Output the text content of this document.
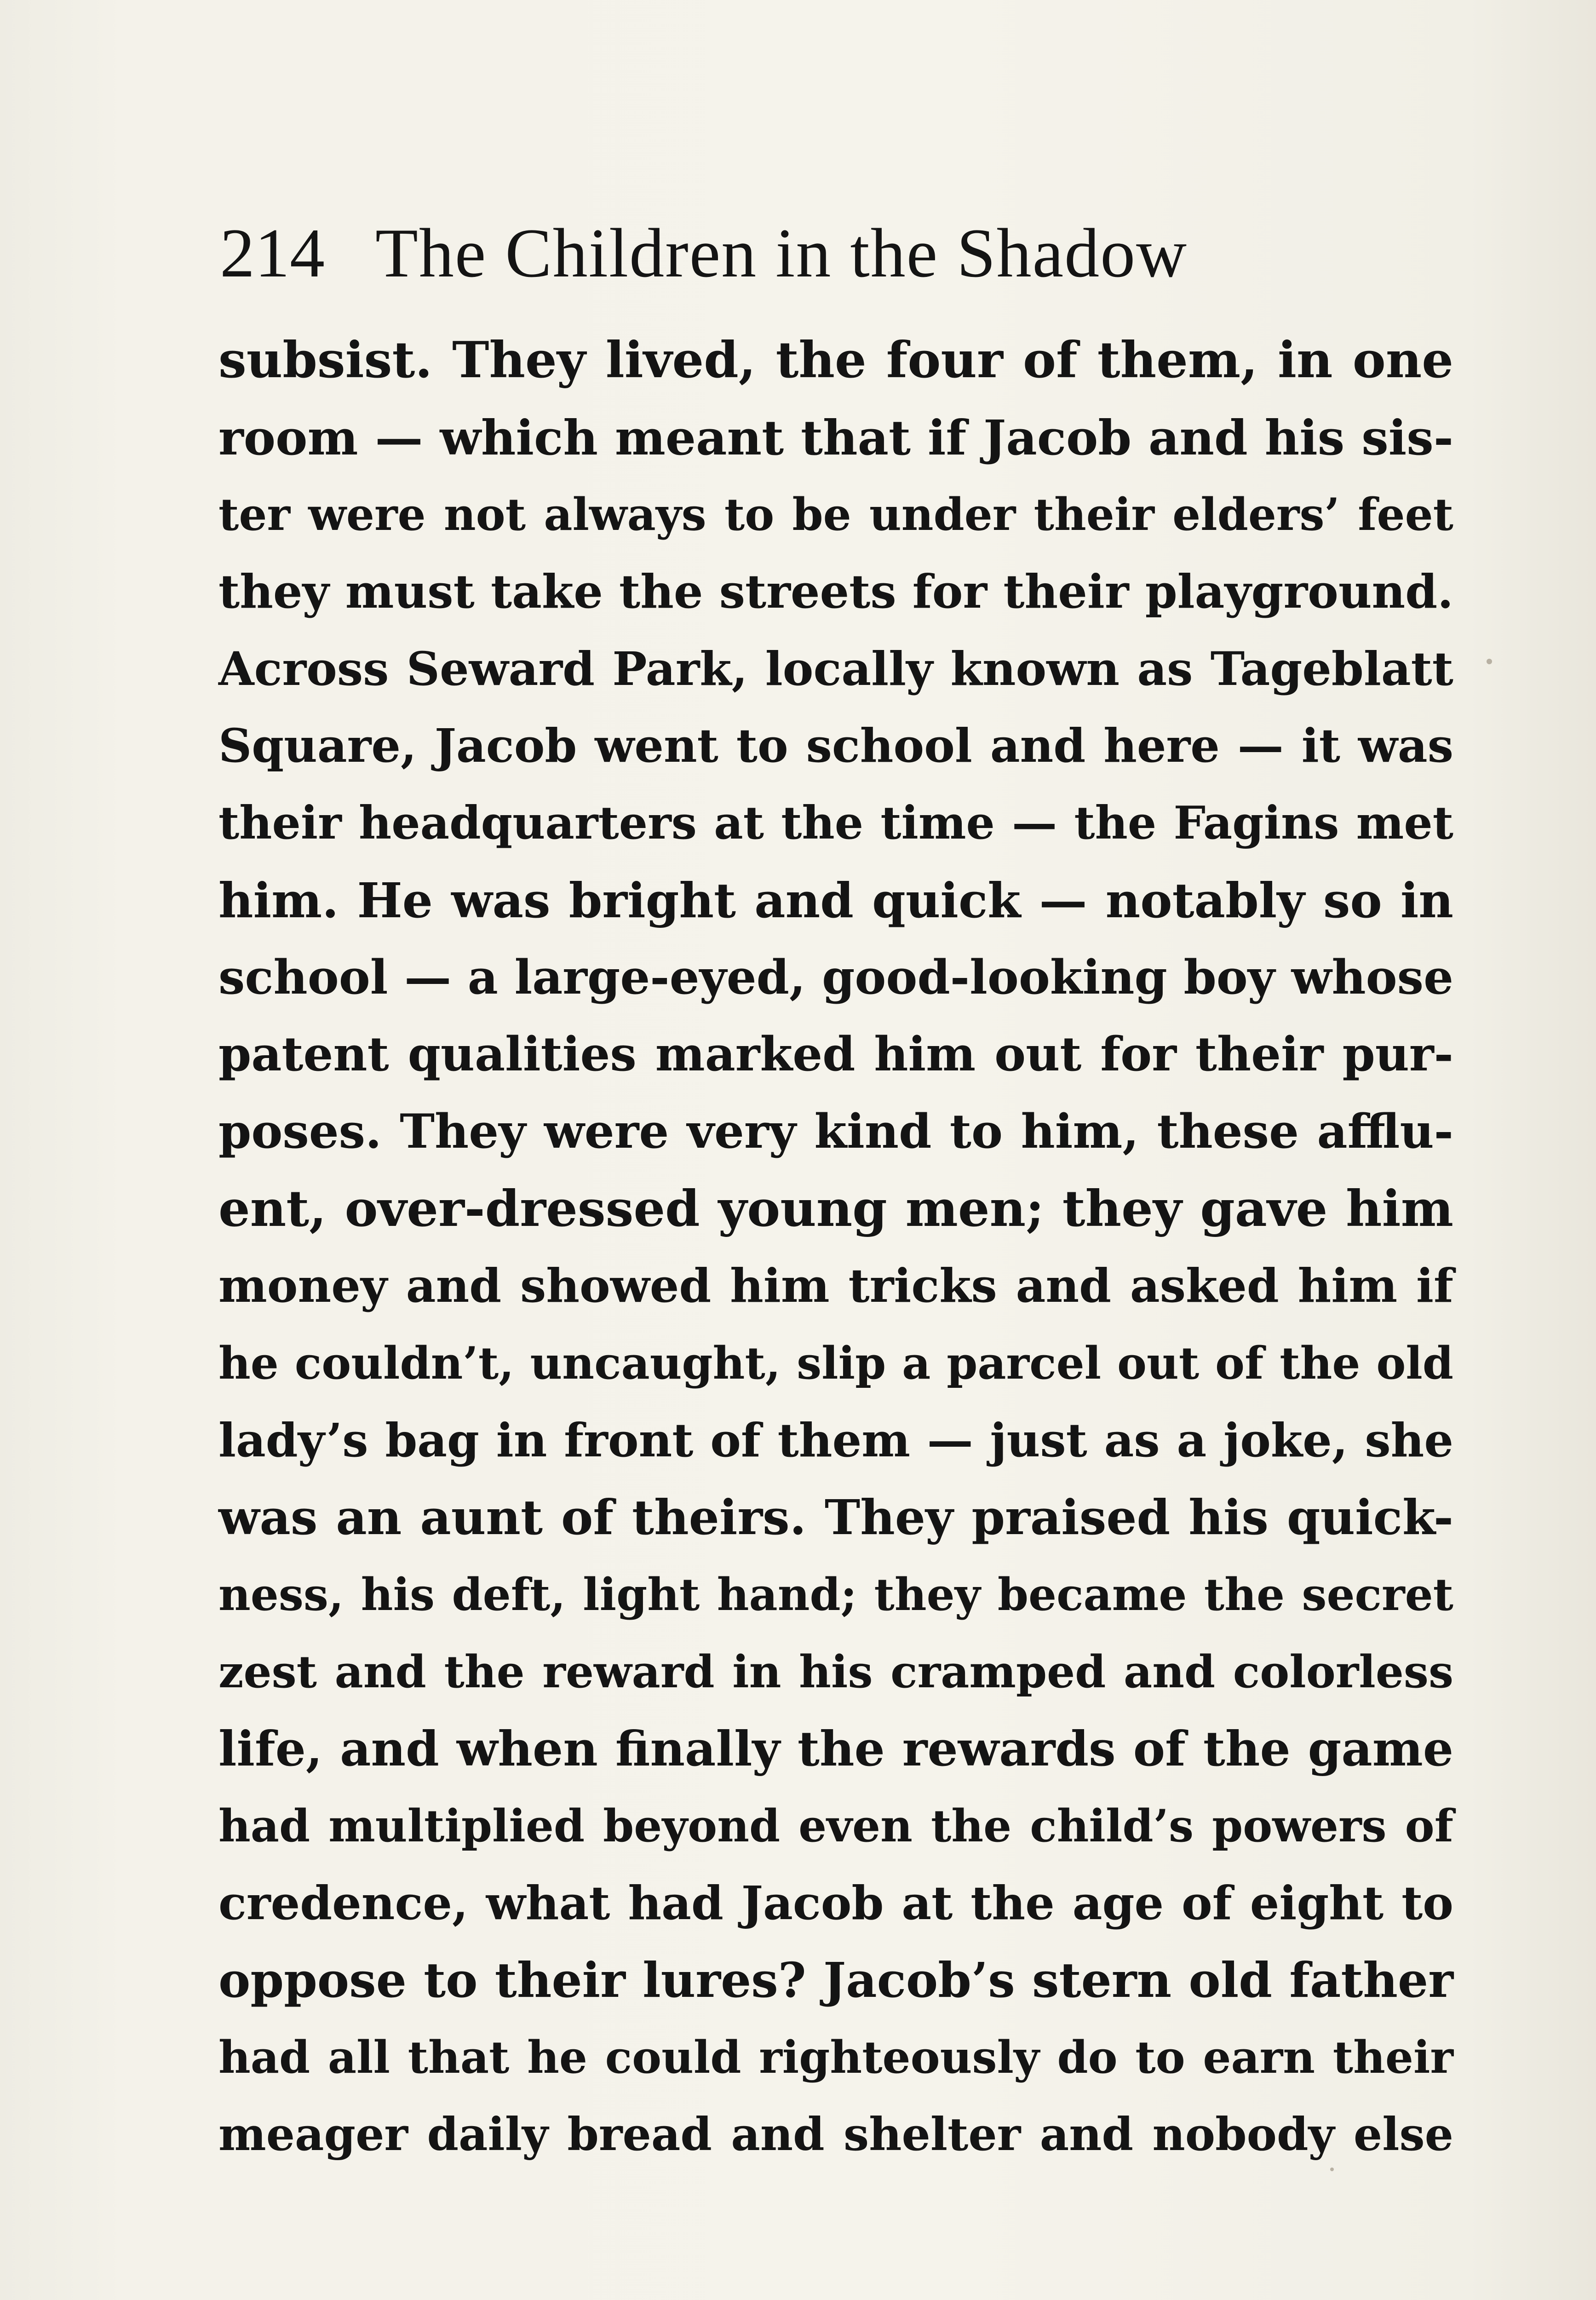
214 The Children in the Shadow
subsist. They lived, the four of them, in one
room — which meant that if Jacob and his sis-
ter were not always to be under their elders’ feet
they must take the streets for their playground.
Across Seward Park, locally known as Tageblatt
Square, Jacob went to school and here — it was
their headquarters at the time — the Fagins met
him. He was bright and quick — notably so in
school — a large-eyed, good-looking boy whose
patent qualities marked him out for their pur-
poses. They were very kind to him, these afflu-
ent, over-dressed young men; they gave him
money and showed him tricks and asked him if
he couldn’t, uncaught, slip a parcel out of the old
lady’s bag in front of them — just as a joke, she
was an aunt of theirs. They praised his quick-
ness, his deft, light hand; they became the secret
zest and the reward in his cramped and colorless
life, and when finally the rewards of the game
had multiplied beyond even the child’s powers of
credence, what had Jacob at the age of eight to
oppose to their lures? Jacob’s stern old father
had all that he could righteously do to earn their
meager daily bread and shelter and nobody else
